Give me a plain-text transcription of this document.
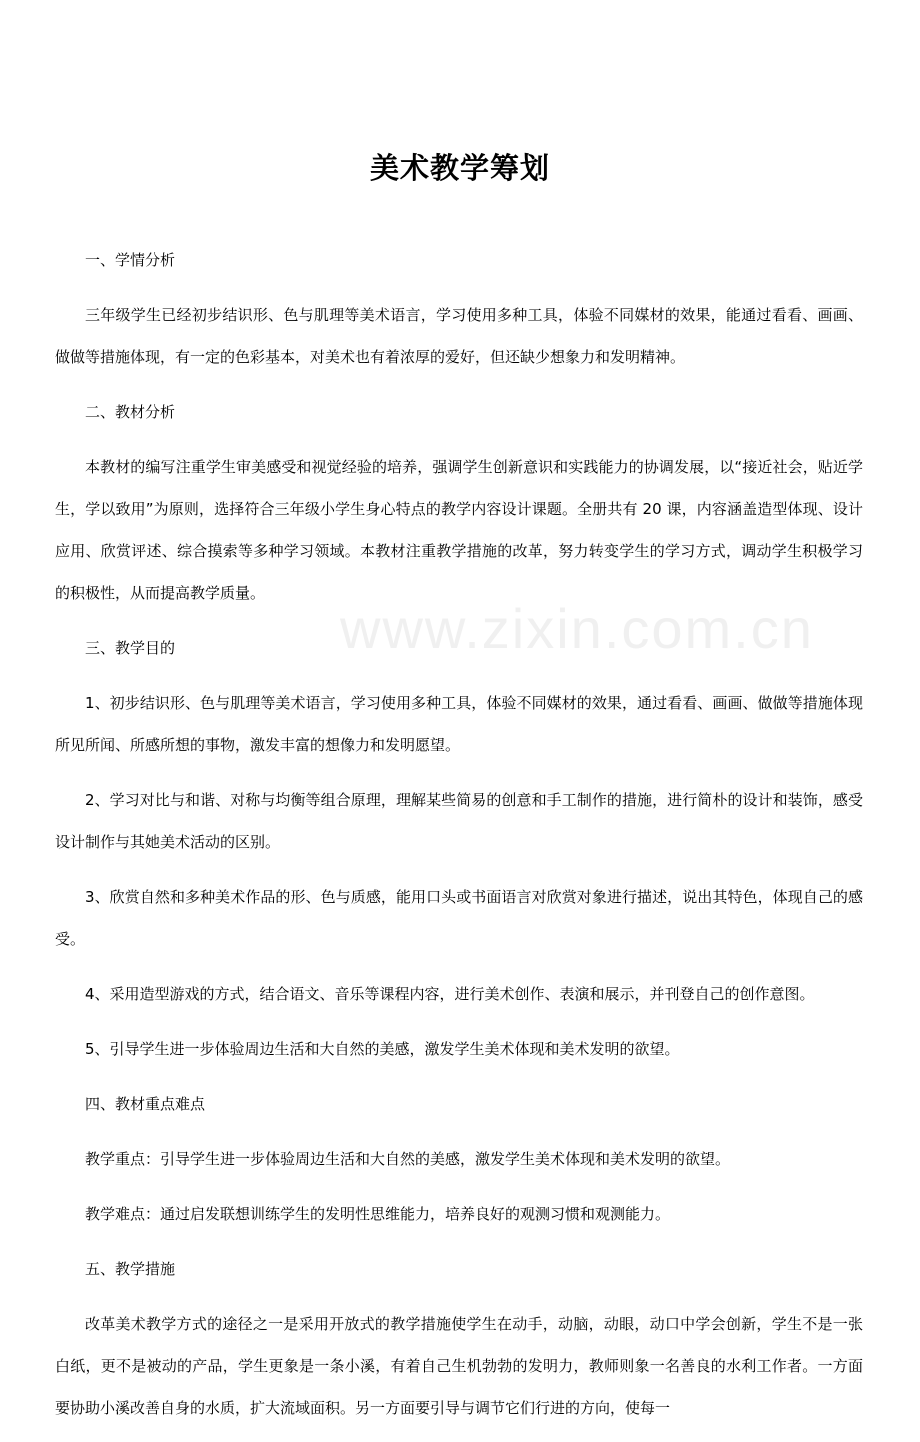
www.zixin.com.cn
美术教学筹划

一、学情分析

三年级学生已经初步结识形、色与肌理等美术语言，学习使用多种工具，体验不同媒材的效果，能通过看看、画画、做做等措施体现，有一定的色彩基本，对美术也有着浓厚的爱好，但还缺少想象力和发明精神。

二、教材分析

本教材的编写注重学生审美感受和视觉经验的培养，强调学生创新意识和实践能力的协调发展，以“接近社会，贴近学生，学以致用”为原则，选择符合三年级小学生身心特点的教学内容设计课题。全册共有 20 课，内容涵盖造型体现、设计应用、欣赏评述、综合摸索等多种学习领域。本教材注重教学措施的改革，努力转变学生的学习方式，调动学生积极学习的积极性，从而提高教学质量。

三、教学目的

1、初步结识形、色与肌理等美术语言，学习使用多种工具，体验不同媒材的效果，通过看看、画画、做做等措施体现所见所闻、所感所想的事物，激发丰富的想像力和发明愿望。

2、学习对比与和谐、对称与均衡等组合原理，理解某些简易的创意和手工制作的措施，进行简朴的设计和装饰，感受设计制作与其她美术活动的区别。

3、欣赏自然和多种美术作品的形、色与质感，能用口头或书面语言对欣赏对象进行描述，说出其特色，体现自己的感受。

4、采用造型游戏的方式，结合语文、音乐等课程内容，进行美术创作、表演和展示，并刊登自己的创作意图。

5、引导学生进一步体验周边生活和大自然的美感，激发学生美术体现和美术发明的欲望。

四、教材重点难点

教学重点：引导学生进一步体验周边生活和大自然的美感，激发学生美术体现和美术发明的欲望。

教学难点：通过启发联想训练学生的发明性思维能力，培养良好的观测习惯和观测能力。

五、教学措施

改革美术教学方式的途径之一是采用开放式的教学措施使学生在动手，动脑，动眼，动口中学会创新，学生不是一张白纸，更不是被动的产品，学生更象是一条小溪，有着自己生机勃勃的发明力，教师则象一名善良的水利工作者。一方面要协助小溪改善自身的水质，扩大流域面积。另一方面要引导与调节它们行进的方向，使每一
